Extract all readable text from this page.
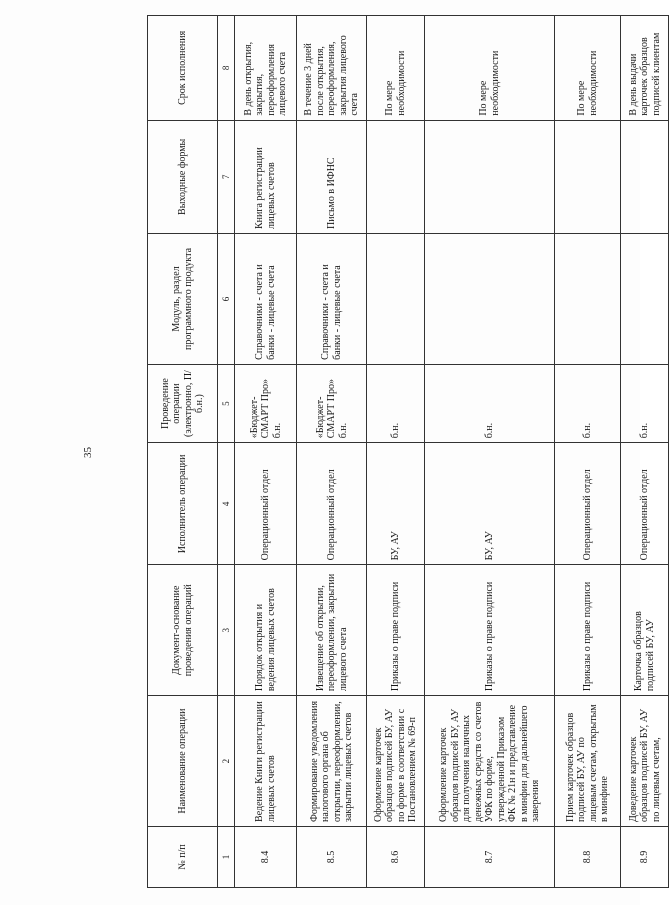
35
№ п/п	Наименование операции	Документ-основание проведения операций	Исполнитель операции	Проведение операции (электронно, П/б.н.)	Модуль, раздел программного продукта	Выходные формы	Срок исполнения
1	2	3	4	5	6	7	8
8.4	Ведение Книги регистрации лицевых счетов	Порядок открытия и ведения лицевых счетов	Операционный отдел	«Бюджет-СМАРТ Про» б.н.	Справочники - счета и банки - лицевые счета	Книга регистрации лицевых счетов	В день открытия, закрытия, переоформления лицевого счета
8.5	Формирование уведомления налогового органа об открытии, переоформлении, закрытии лицевых счетов	Извещение об открытии, переоформлении, закрытии лицевого счета	Операционный отдел	«Бюджет-СМАРТ Про» б.н.	Справочники - счета и банки - лицевые счета	Письмо в ИФНС	В течение 3 дней после открытия, переоформления, закрытия лицевого счета
8.6	Оформление карточек образцов подписей БУ, АУ по форме в соответствии с Постановлением № 69-п	Приказы о праве подписи	БУ, АУ	б.н.			По мере необходимости
8.7	Оформление карточек образцов подписей БУ, АУ для получения наличных денежных средств со счетов УФК по форме, утвержденной Приказом ФК № 21н и представление в минфин для дальнейшего заверения	Приказы о праве подписи	БУ, АУ	б.н.			По мере необходимости
8.8	Прием карточек образцов подписей БУ, АУ по лицевым счетам, открытым в минфине	Приказы о праве подписи	Операционный отдел	б.н.			По мере необходимости
8.9	Доведение карточек образцов подписей БУ, АУ по лицевым счетам,	Карточка образцов подписей БУ, АУ	Операционный отдел	б.н.			В день выдачи карточек образцов подписей клиентам
